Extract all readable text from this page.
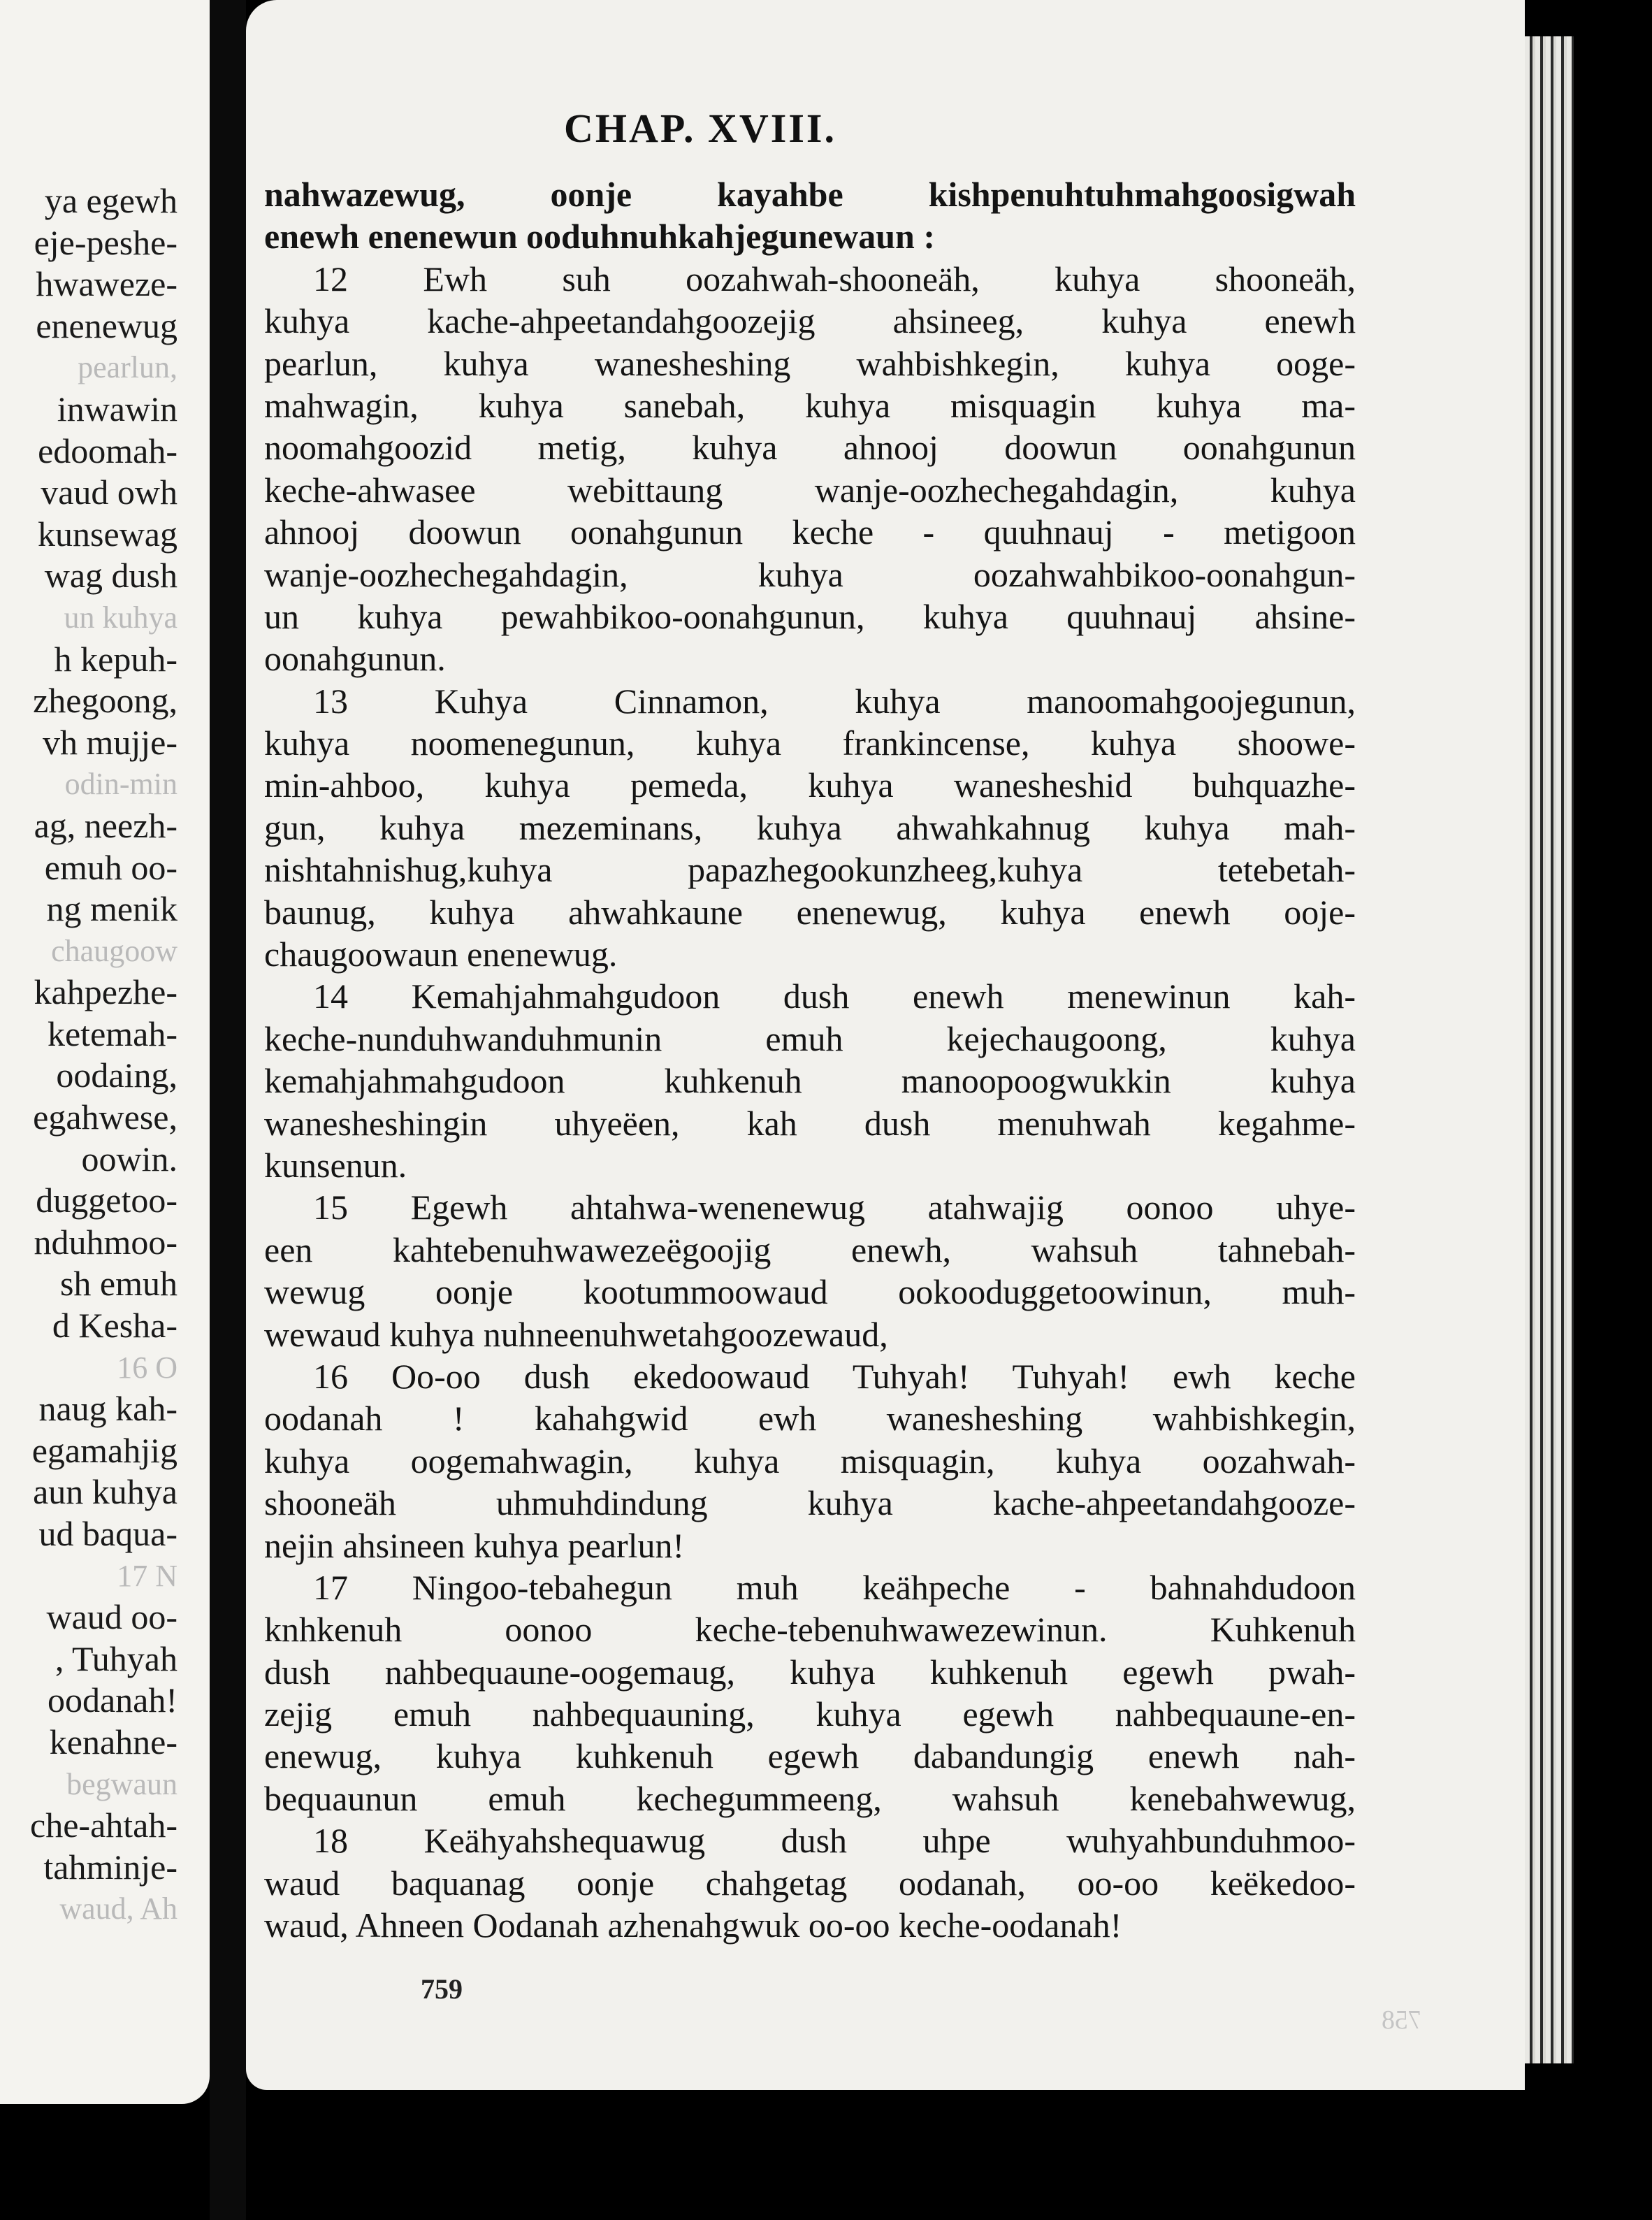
ya egewh
eje-peshe-
hwaweze-
enenewug
pearlun,
inwawin
edoomah-
vaud owh
kunsewag
wag dush
un kuhya
h kepuh-
zhegoong,
vh mujje-
odin-min
ag, neezh-
emuh oo-
ng menik
chaugoow
kahpezhe-
ketemah-
oodaing,
egahwese,
oowin.
duggetoo-
nduhmoo-
sh emuh
d Kesha-
16 O
naug kah-
egamahjig
aun kuhya
ud baqua-
17 N
waud oo-
, Tuhyah
oodanah!
kenahne-
begwaun
che-ahtah-
tahminje-
waud, Ah
CHAP. XVIII.
nahwazewug, oonje kayahbe kishpenuhtuhmahgoosigwah
enewh enenewun ooduhnuhkahjegunewaun :
12 Ewh suh oozahwah-shooneäh, kuhya shooneäh,
kuhya kache-ahpeetandahgoozejig ahsineeg, kuhya enewh
pearlun, kuhya wanesheshing wahbishkegin, kuhya ooge-
mahwagin, kuhya sanebah, kuhya misquagin kuhya ma-
noomahgoozid metig, kuhya ahnooj doowun oonahgunun
keche-ahwasee webittaung wanje-oozhechegahdagin, kuhya
ahnooj doowun oonahgunun keche - quuhnauj - metigoon
wanje-oozhechegahdagin, kuhya oozahwahbikoo-oonahgun-
un kuhya pewahbikoo-oonahgunun, kuhya quuhnauj ahsine-
oonahgunun.
13 Kuhya Cinnamon, kuhya manoomahgoojegunun,
kuhya noomenegunun, kuhya frankincense, kuhya shoowe-
min-ahboo, kuhya pemeda, kuhya wanesheshid buhquazhe-
gun, kuhya mezeminans, kuhya ahwahkahnug kuhya mah-
nishtahnishug,kuhya papazhegookunzheeg,kuhya tetebetah-
baunug, kuhya ahwahkaune enenewug, kuhya enewh ooje-
chaugoowaun enenewug.
14 Kemahjahmahgudoon dush enewh menewinun kah-
keche-nunduhwanduhmunin emuh kejechaugoong, kuhya
kemahjahmahgudoon kuhkenuh manoopoogwukkin kuhya
wanesheshingin uhyeëen, kah dush menuhwah kegahme-
kunsenun.
15 Egewh ahtahwa-wenenewug atahwajig oonoo uhye-
een kahtebenuhwawezeëgoojig enewh, wahsuh tahnebah-
wewug oonje kootummoowaud ookooduggetoowinun, muh-
wewaud kuhya nuhneenuhwetahgoozewaud,
16 Oo-oo dush ekedoowaud Tuhyah! Tuhyah! ewh keche
oodanah ! kahahgwid ewh wanesheshing wahbishkegin,
kuhya oogemahwagin, kuhya misquagin, kuhya oozahwah-
shooneäh uhmuhdindung kuhya kache-ahpeetandahgooze-
nejin ahsineen kuhya pearlun!
17 Ningoo-tebahegun muh keähpeche - bahnahdudoon
knhkenuh oonoo keche-tebenuhwawezewinun. Kuhkenuh
dush nahbequaune-oogemaug, kuhya kuhkenuh egewh pwah-
zejig emuh nahbequauning, kuhya egewh nahbequaune-en-
enewug, kuhya kuhkenuh egewh dabandungig enewh nah-
bequaunun emuh kechegummeeng, wahsuh kenebahwewug,
18 Keähyahshequawug dush uhpe wuhyahbunduhmoo-
waud baquanag oonje chahgetag oodanah, oo-oo keëkedoo-
waud, Ahneen Oodanah azhenahgwuk oo-oo keche-oodanah!
759
758
